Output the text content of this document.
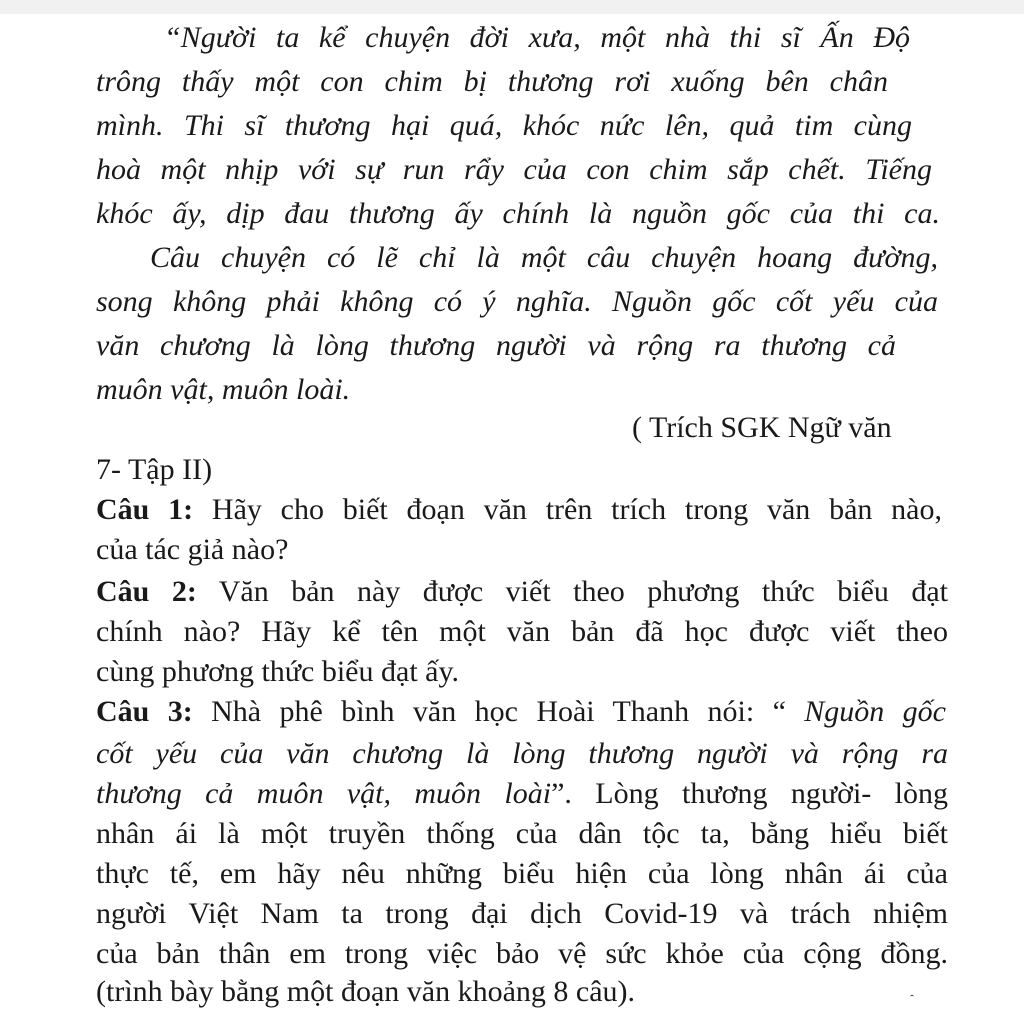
“Người ta kể chuyện đời xưa, một nhà thi sĩ Ấn Độ
trông thấy một con chim bị thương rơi xuống bên chân
mình. Thi sĩ thương hại quá, khóc nức lên, quả tim cùng
hoà một nhịp với sự run rẩy của con chim sắp chết. Tiếng
khóc ấy, dịp đau thương ấy chính là nguồn gốc của thi ca.
Câu chuyện có lẽ chỉ là một câu chuyện hoang đường,
song không phải không có ý nghĩa. Nguồn gốc cốt yếu của
văn chương là lòng thương người và rộng ra thương cả
muôn vật, muôn loài.
( Trích SGK Ngữ văn
7- Tập II)
Câu 1: Hãy cho biết đoạn văn trên trích trong văn bản nào,
của tác giả nào?
Câu 2: Văn bản này được viết theo phương thức biểu đạt
chính nào? Hãy kể tên một văn bản đã học được viết theo
cùng phương thức biểu đạt ấy.
Câu 3: Nhà phê bình văn học Hoài Thanh nói: “ Nguồn gốc
cốt yếu của văn chương là lòng thương người và rộng ra
thương cả muôn vật, muôn loài”. Lòng thương người- lòng
nhân ái là một truyền thống của dân tộc ta, bằng hiểu biết
thực tế, em hãy nêu những biểu hiện của lòng nhân ái của
người Việt Nam ta trong đại dịch Covid-19 và trách nhiệm
của bản thân em trong việc bảo vệ sức khỏe của cộng đồng.
(trình bày bằng một đoạn văn khoảng 8 câu).	ˆ
